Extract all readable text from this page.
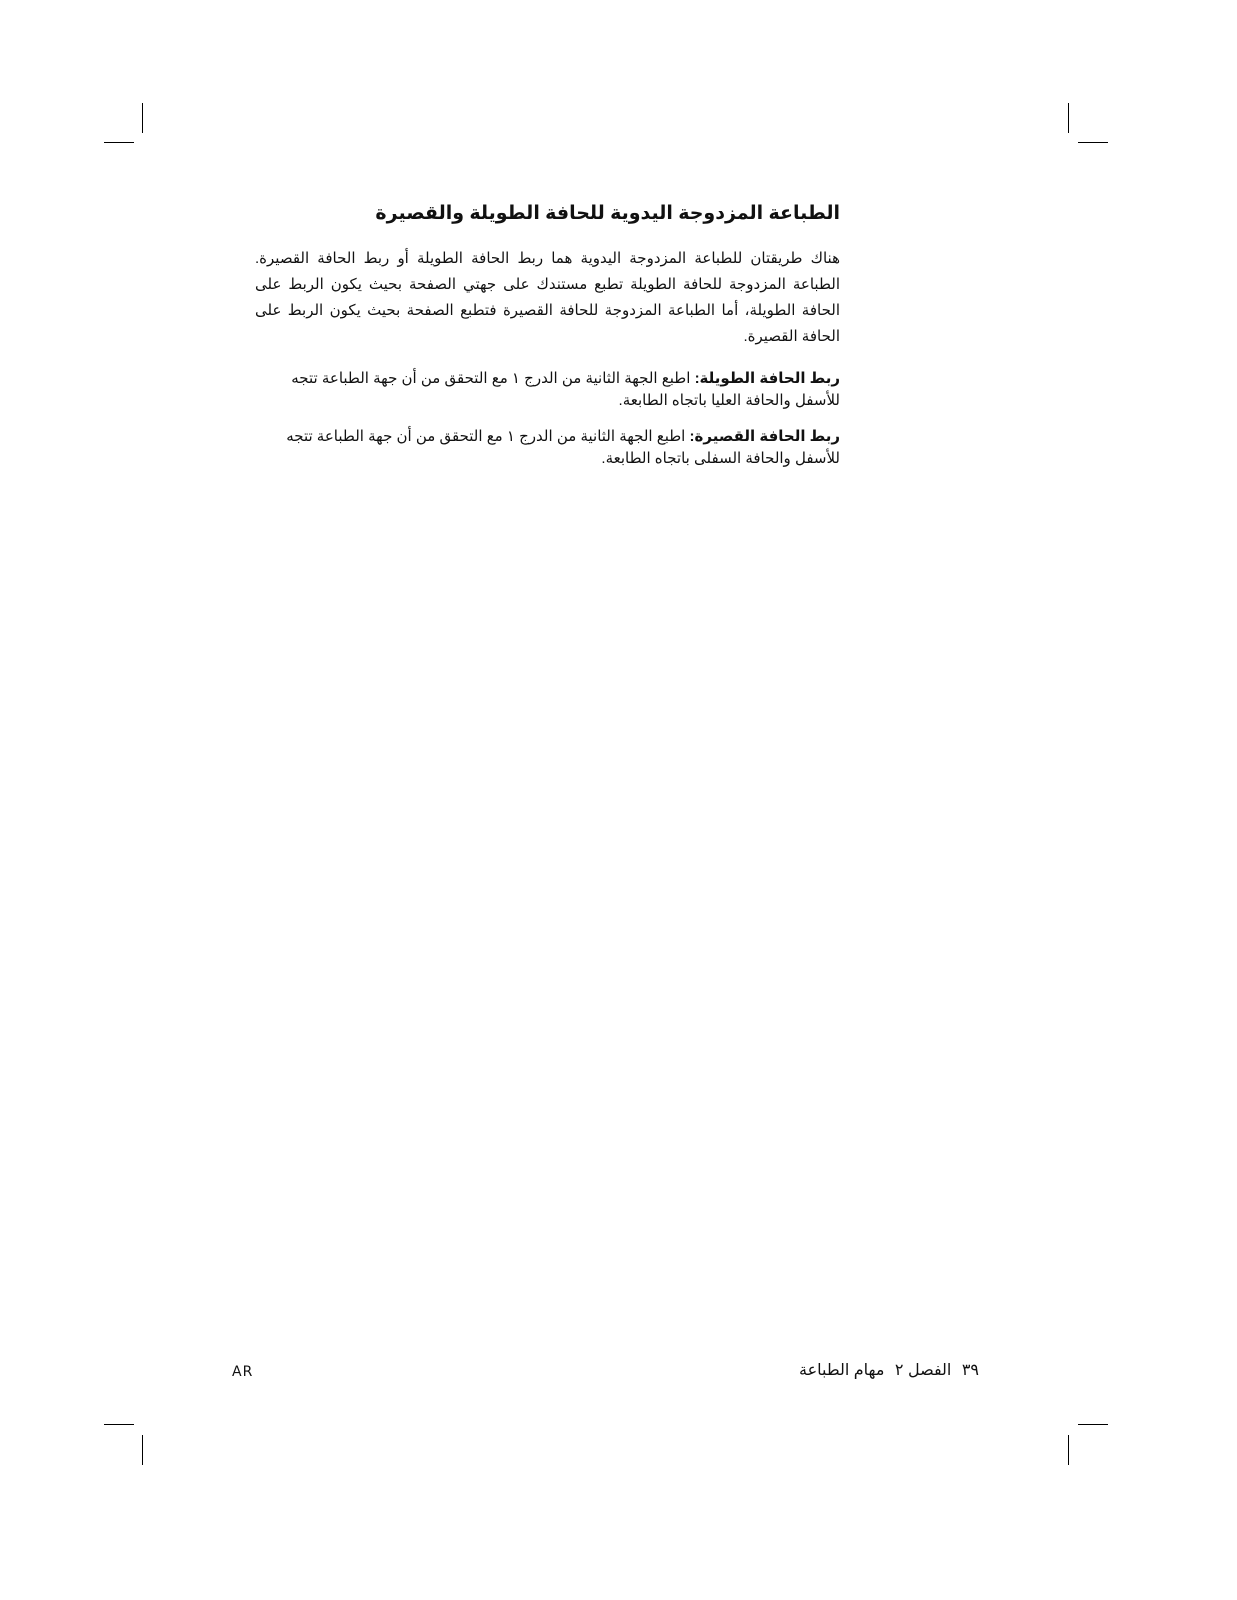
الطباعة المزدوجة اليدوية للحافة الطويلة والقصيرة

هناك طريقتان للطباعة المزدوجة اليدوية هما ربط الحافة الطويلة أو ربط الحافة القصيرة. الطباعة المزدوجة للحافة الطويلة تطبع مستندك على جهتي الصفحة بحيث يكون الربط على الحافة الطويلة، أما الطباعة المزدوجة للحافة القصيرة فتطبع الصفحة بحيث يكون الربط على الحافة القصيرة.

ربط الحافة الطويلة: اطبع الجهة الثانية من الدرج ١ مع التحقق من أن جهة الطباعة تتجه للأسفل والحافة العليا باتجاه الطابعة.

ربط الحافة القصيرة: اطبع الجهة الثانية من الدرج ١ مع التحقق من أن جهة الطباعة تتجه للأسفل والحافة السفلى باتجاه الطابعة.

AR	٣٩ الفصل ٢ مهام الطباعة
